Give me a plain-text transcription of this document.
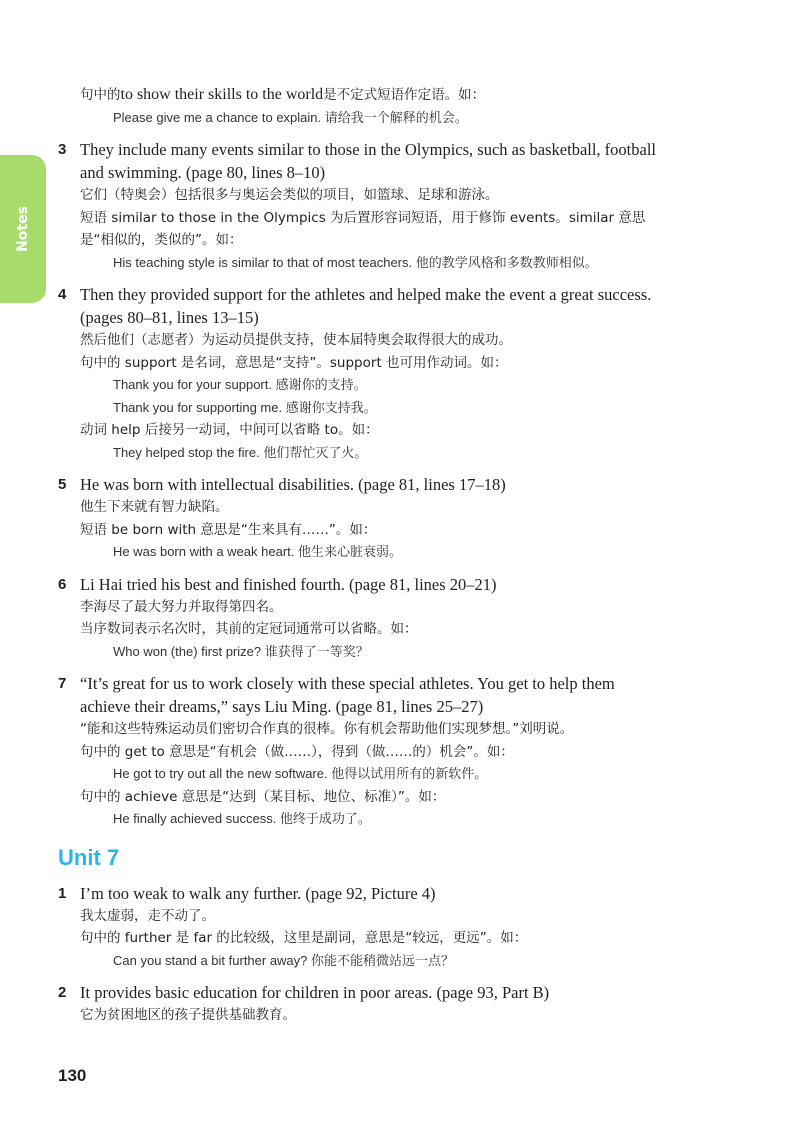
Notes
句中的to show their skills to the world是不定式短语作定语。如：
Please give me a chance to explain. 请给我一个解释的机会。
3 They include many events similar to those in the Olympics, such as basketball, football
and swimming. (page 80, lines 8–10)
它们（特奥会）包括很多与奥运会类似的项目，如篮球、足球和游泳。
短语 similar to those in the Olympics 为后置形容词短语，用于修饰 events。similar 意思
是“相似的，类似的”。如：
His teaching style is similar to that of most teachers. 他的教学风格和多数教师相似。
4 Then they provided support for the athletes and helped make the event a great success.
(pages 80–81, lines 13–15)
然后他们（志愿者）为运动员提供支持，使本届特奥会取得很大的成功。
句中的 support 是名词，意思是“支持”。support 也可用作动词。如：
Thank you for your support. 感谢你的支持。
Thank you for supporting me. 感谢你支持我。
动词 help 后接另一动词，中间可以省略 to。如：
They helped stop the fire. 他们帮忙灭了火。
5 He was born with intellectual disabilities. (page 81, lines 17–18)
他生下来就有智力缺陷。
短语 be born with 意思是“生来具有……”。如：
He was born with a weak heart. 他生来心脏衰弱。
6 Li Hai tried his best and finished fourth. (page 81, lines 20–21)
李海尽了最大努力并取得第四名。
当序数词表示名次时，其前的定冠词通常可以省略。如：
Who won (the) first prize? 谁获得了一等奖？
7 “It’s great for us to work closely with these special athletes. You get to help them
achieve their dreams,” says Liu Ming. (page 81, lines 25–27)
“能和这些特殊运动员们密切合作真的很棒。你有机会帮助他们实现梦想。”刘明说。
句中的 get to 意思是“有机会（做……），得到（做……的）机会”。如：
He got to try out all the new software. 他得以试用所有的新软件。
句中的 achieve 意思是“达到（某目标、地位、标准）”。如：
He finally achieved success. 他终于成功了。
Unit 7
1 I’m too weak to walk any further. (page 92, Picture 4)
我太虚弱，走不动了。
句中的 further 是 far 的比较级，这里是副词，意思是“较远，更远”。如：
Can you stand a bit further away? 你能不能稍微站远一点？
2 It provides basic education for children in poor areas. (page 93, Part B)
它为贫困地区的孩子提供基础教育。
130
